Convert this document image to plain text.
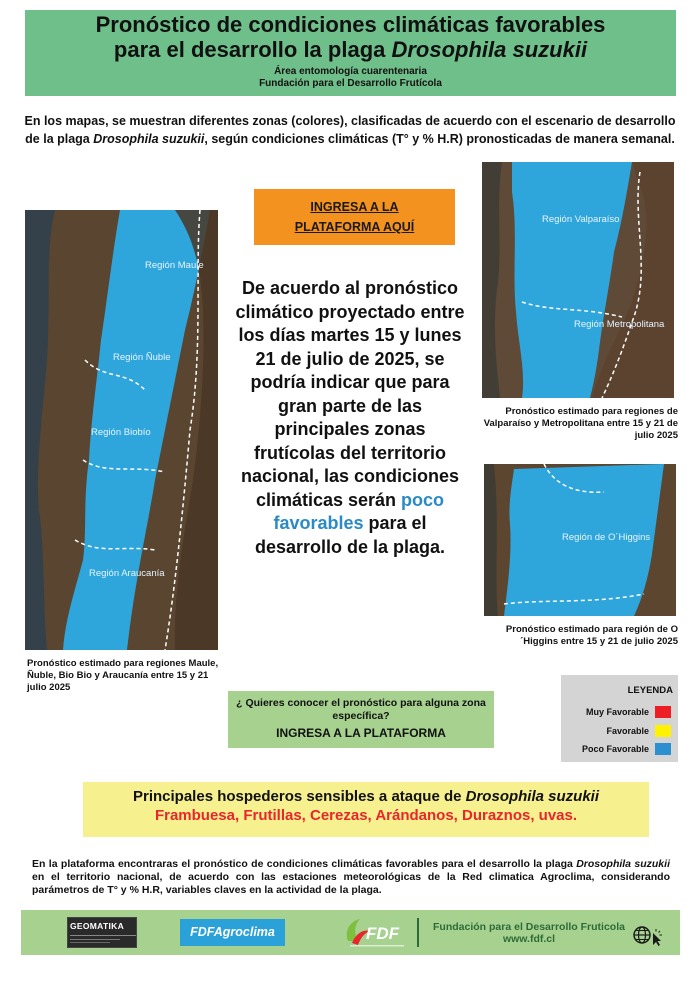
Pronóstico de condiciones climáticas favorables
para el desarrollo la plaga Drosophila suzukii
Área entomología cuarentenaria
Fundación para el Desarrollo Frutícola
En los mapas, se muestran diferentes zonas (colores), clasificadas de acuerdo con el escenario de desarrollo de la plaga Drosophila suzukii, según condiciones climáticas (T° y % H.R) pronosticadas de manera semanal.
Región Maule
Región Ñuble
Región Biobío
Región Araucanía
Pronóstico estimado para regiones Maule, Ñuble, Bio Bio y Araucanía entre 15 y 21 julio 2025
INGRESA A LA
PLATAFORMA AQUÍ
De acuerdo al pronóstico climático proyectado entre los días martes 15 y lunes 21 de julio de 2025, se podría indicar que para gran parte de las principales zonas frutícolas del territorio nacional, las condiciones climáticas serán poco favorables para el desarrollo de la plaga.
Región Valparaíso
Región Metropolitana
Pronóstico estimado para regiones de Valparaíso y Metropolitana entre 15 y 21 de julio 2025
Región de O´Higgins
Pronóstico estimado para región de O´Higgins entre 15 y 21 de julio 2025
¿ Quieres conocer el pronóstico para alguna zona específica?
INGRESA A LA PLATAFORMA
LEYENDA
Muy Favorable
Favorable
Poco Favorable
Principales hospederos sensibles a ataque de Drosophila suzukii
Frambuesa, Frutillas, Cerezas, Arándanos, Duraznos, uvas.
En la plataforma encontraras el pronóstico de condiciones climáticas favorables para el desarrollo la plaga Drosophila suzukii en el territorio nacional, de acuerdo con las estaciones meteorológicas de la Red climatica Agroclima, considerando parámetros de T° y % H.R, variables claves en la actividad de la plaga.
GEOMATIKA	FDFAgroclima	FDF	Fundación para el Desarrollo Fruticola
www.fdf.cl
